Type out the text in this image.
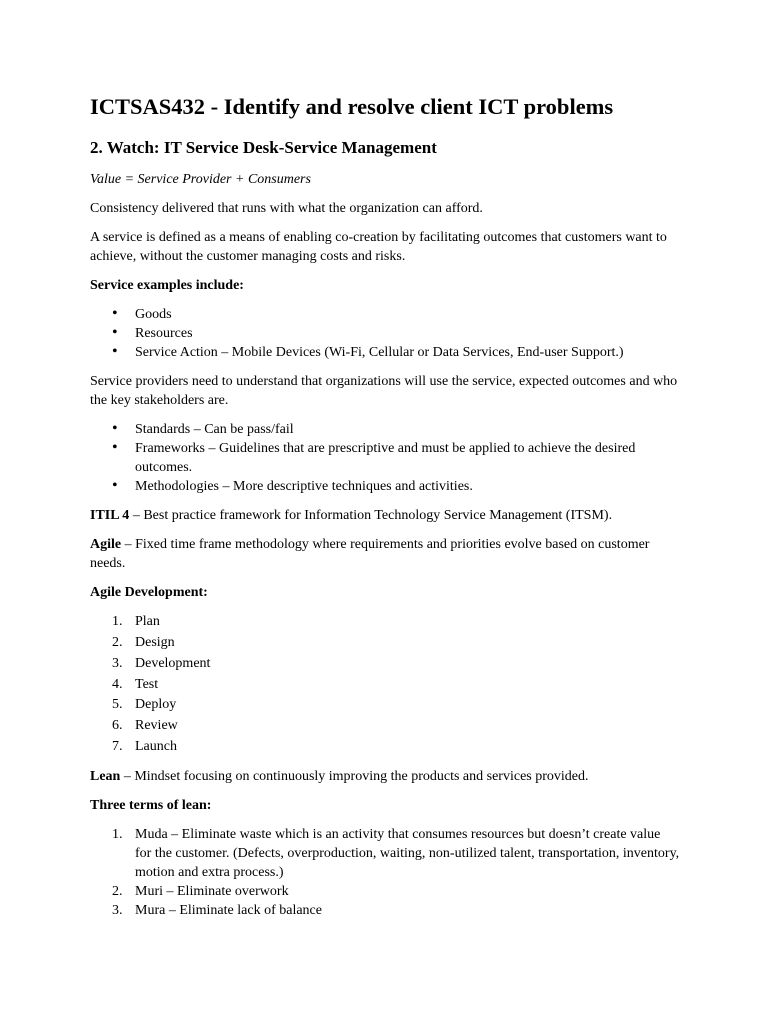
ICTSAS432 - Identify and resolve client ICT problems
2. Watch: IT Service Desk-Service Management

Value = Service Provider + Consumers

Consistency delivered that runs with what the organization can afford.

A service is defined as a means of enabling co-creation by facilitating outcomes that customers want to achieve, without the customer managing costs and risks.

Service examples include:

• Goods
• Resources
• Service Action – Mobile Devices (Wi-Fi, Cellular or Data Services, End-user Support.)

Service providers need to understand that organizations will use the service, expected outcomes and who the key stakeholders are.

• Standards – Can be pass/fail
• Frameworks – Guidelines that are prescriptive and must be applied to achieve the desired outcomes.
• Methodologies – More descriptive techniques and activities.

ITIL 4 – Best practice framework for Information Technology Service Management (ITSM).

Agile – Fixed time frame methodology where requirements and priorities evolve based on customer needs.

Agile Development:

1. Plan
2. Design
3. Development
4. Test
5. Deploy
6. Review
7. Launch

Lean – Mindset focusing on continuously improving the products and services provided.

Three terms of lean:

1. Muda – Eliminate waste which is an activity that consumes resources but doesn’t create value for the customer. (Defects, overproduction, waiting, non-utilized talent, transportation, inventory, motion and extra process.)
2. Muri – Eliminate overwork
3. Mura – Eliminate lack of balance
